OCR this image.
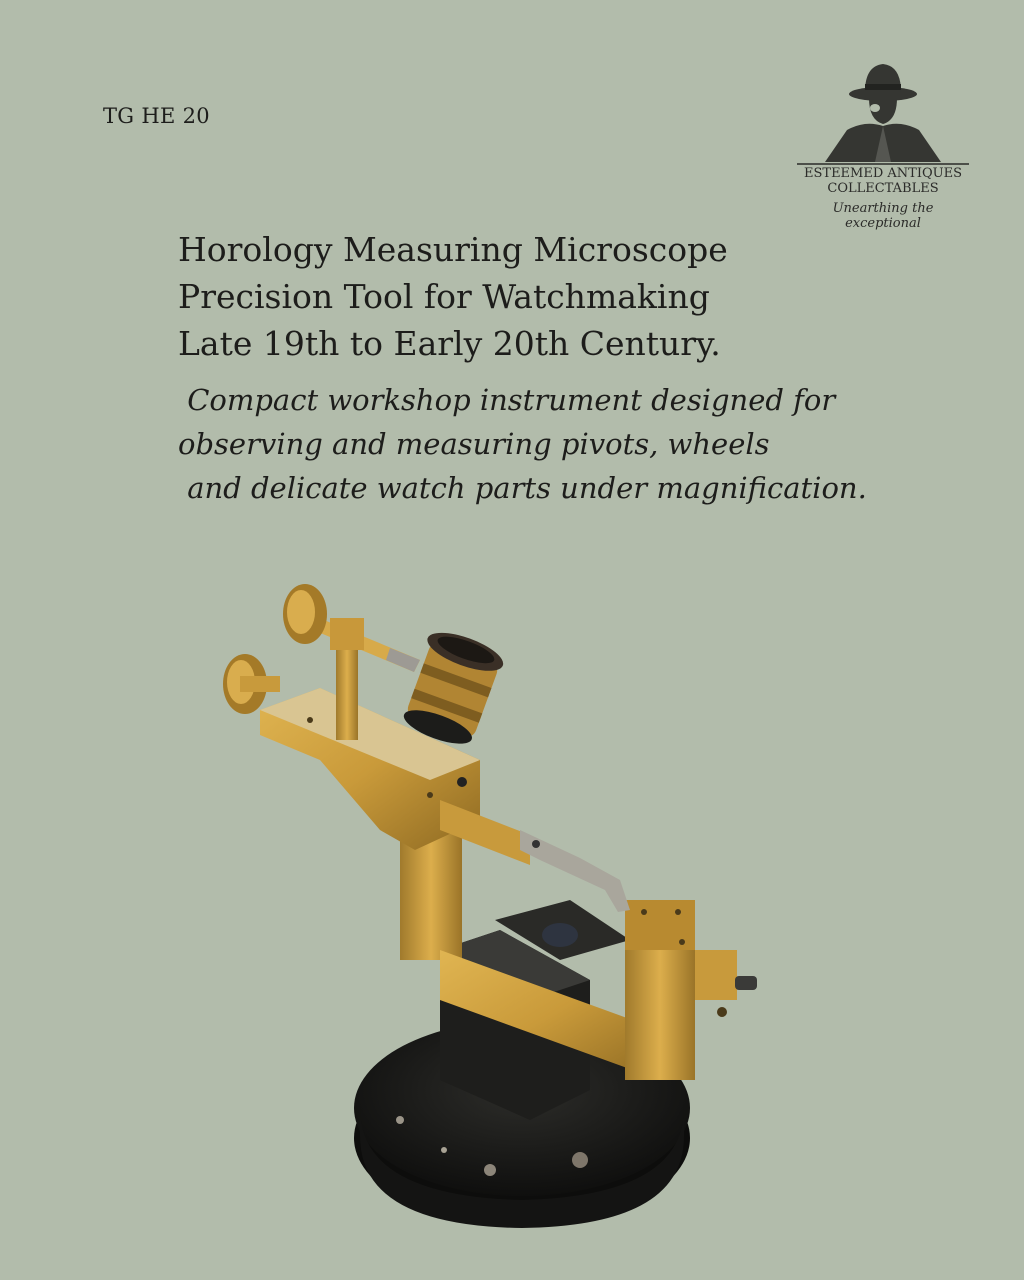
TG HE 20
ESTEEMED ANTIQUES
COLLECTABLES
Unearthing the exceptional
Horology Measuring Microscope
Precision Tool for Watchmaking
Late 19th to Early 20th Century.
Compact workshop instrument designed for
observing and measuring pivots, wheels
and delicate watch parts under magnification.
